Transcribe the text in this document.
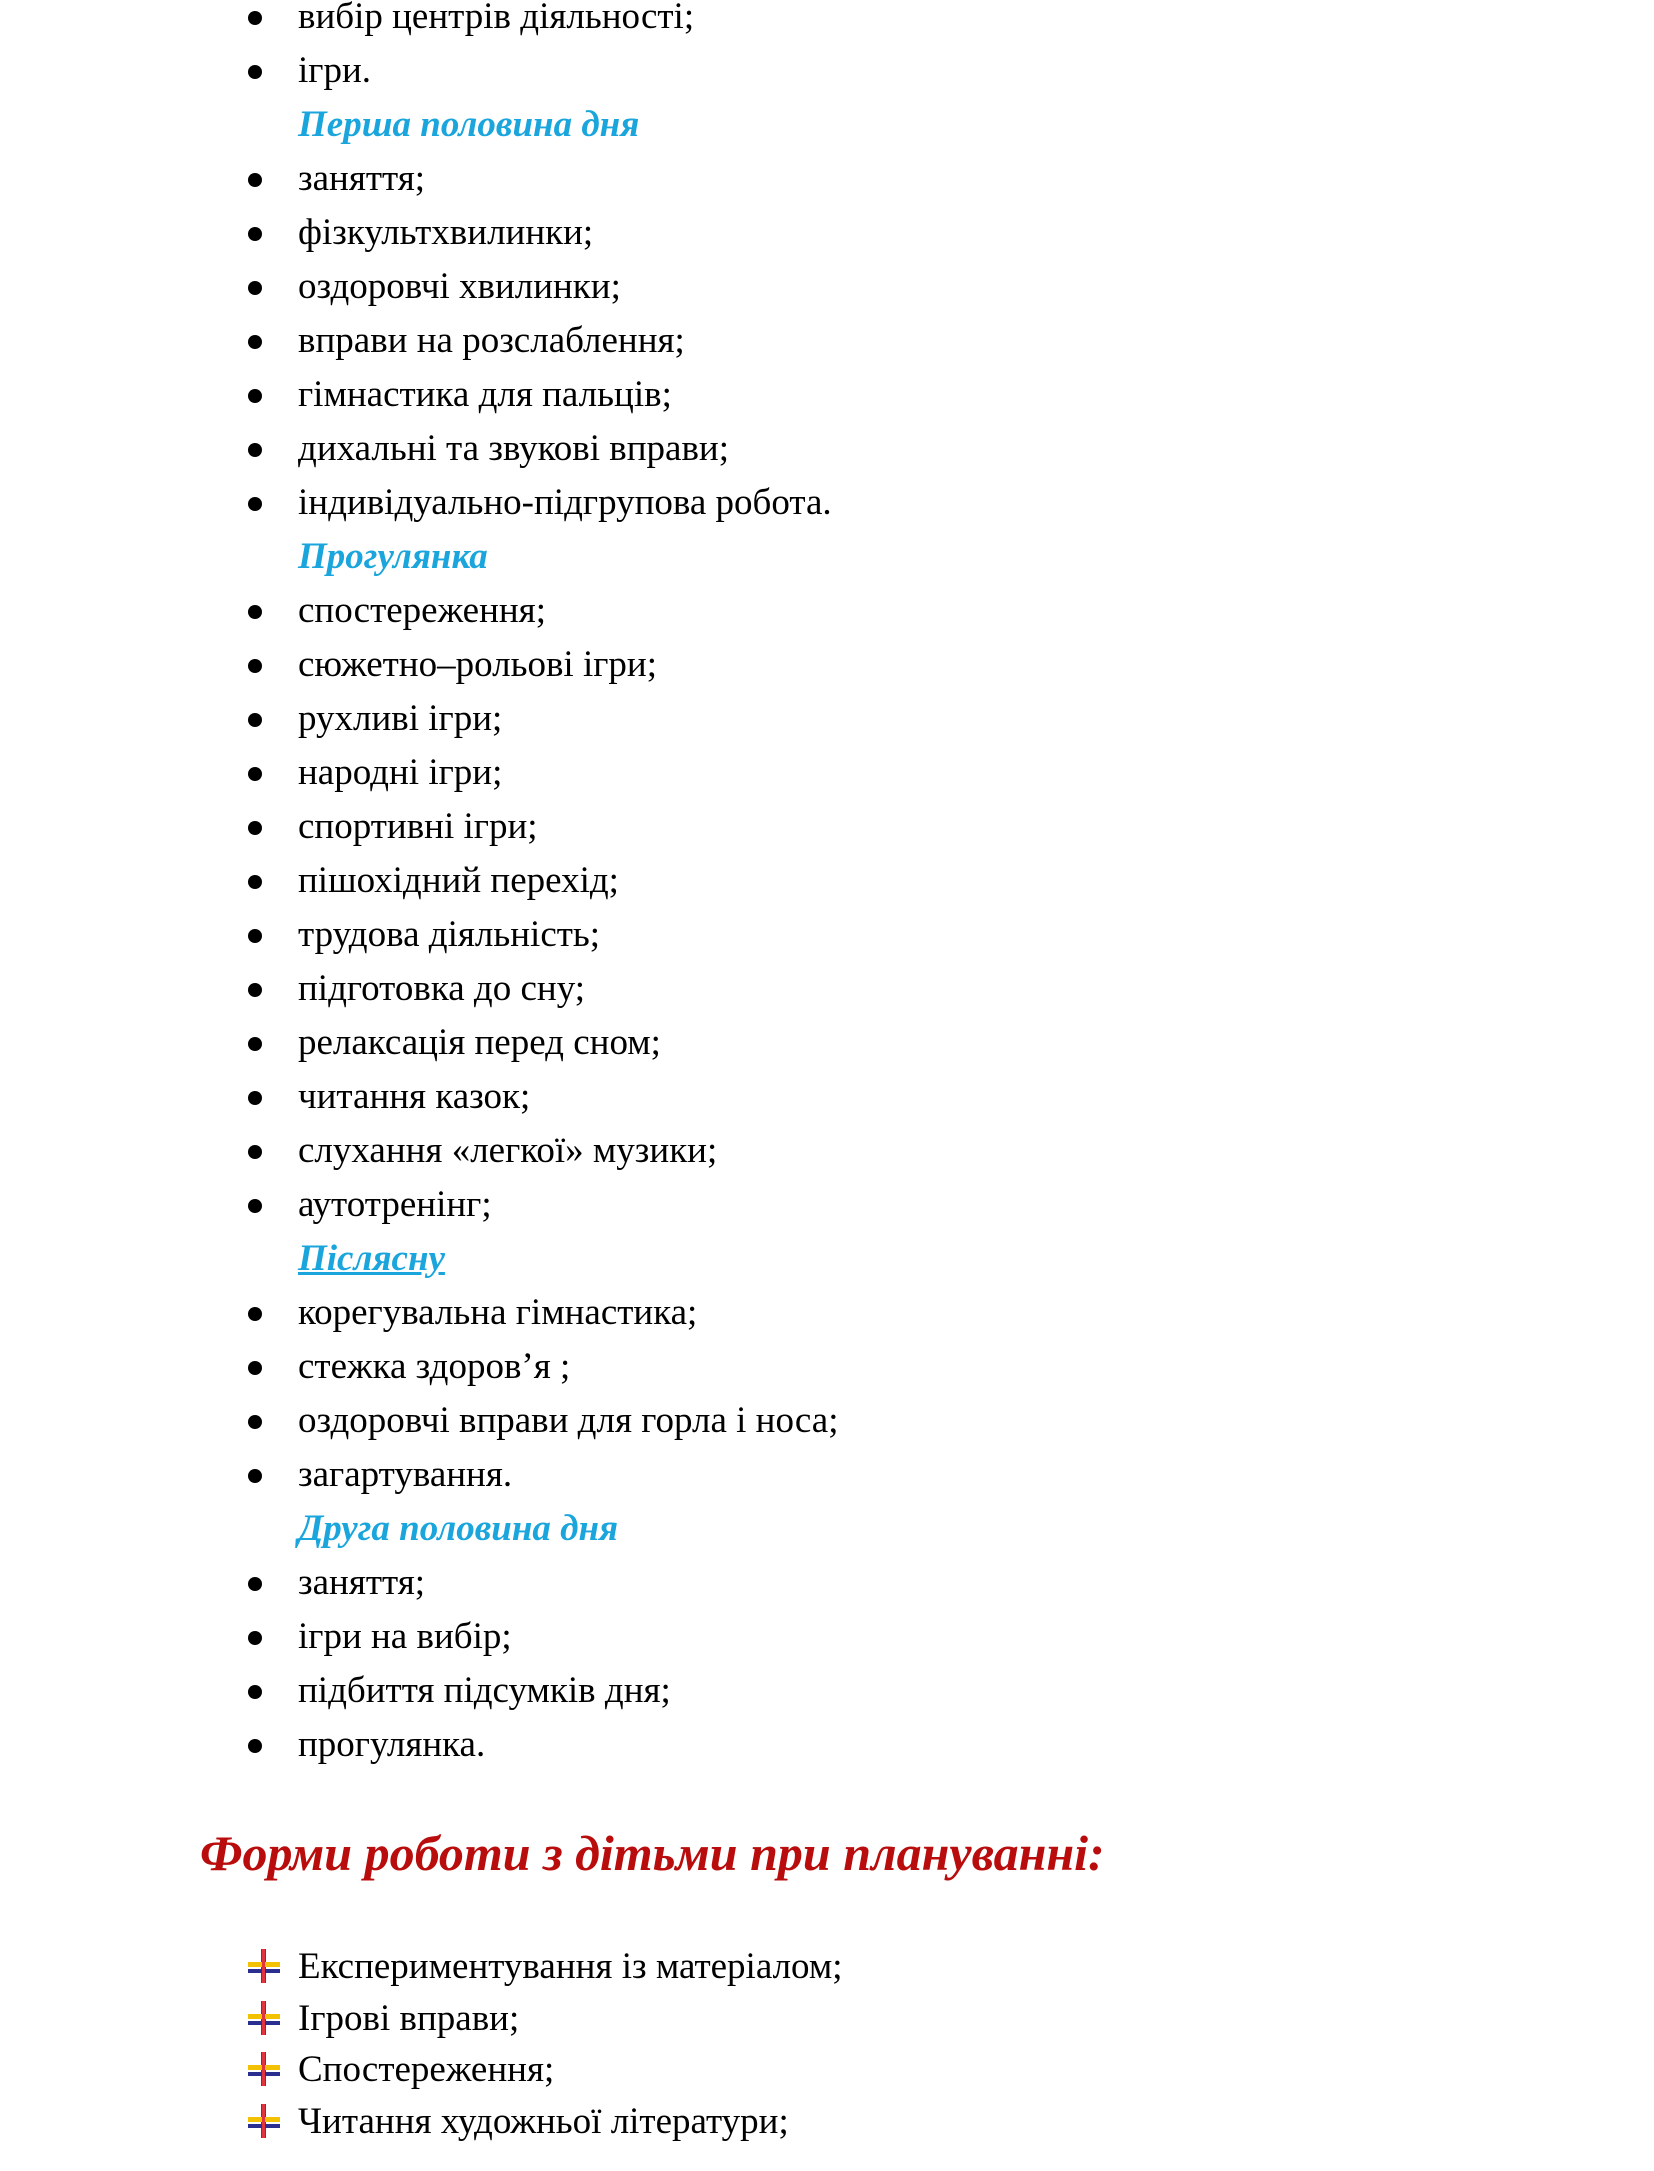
вибір центрів діяльності;
ігри.
Перша половина дня
заняття;
фізкультхвилинки;
оздоровчі хвилинки;
вправи на розслаблення;
гімнастика для пальців;
дихальні та звукові вправи;
індивідуально-підгрупова робота.
Прогулянка
спостереження;
сюжетно–рольові ігри;
рухливі ігри;
народні ігри;
спортивні ігри;
пішохідний перехід;
трудова діяльність;
підготовка до сну;
релаксація перед сном;
читання казок;
слухання «легкої» музики;
аутотренінг;
Післясну
корегувальна гімнастика;
стежка здоров’я ;
оздоровчі вправи для горла і носа;
загартування.
Друга половина дня
заняття;
ігри на вибір;
підбиття підсумків дня;
прогулянка.
Експериментування із матеріалом;
Ігрові вправи;
Спостереження;
Читання художньої літератури;
Форми роботи з дітьми при плануванні:
